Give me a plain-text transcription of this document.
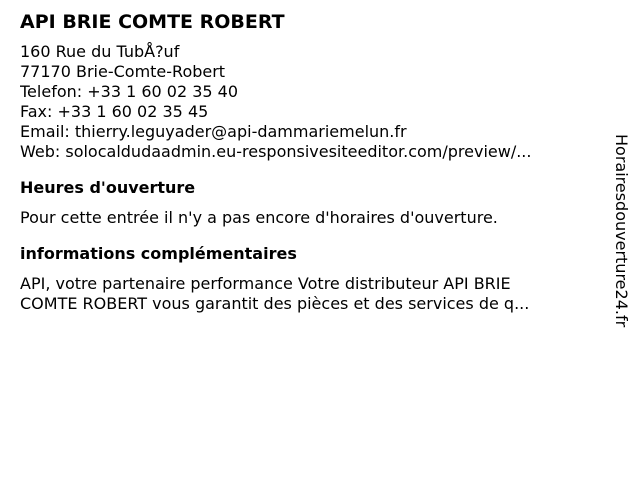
API BRIE COMTE ROBERT
160 Rue du TubÅ?uf
77170 Brie-Comte-Robert
Telefon: +33 1 60 02 35 40
Fax: +33 1 60 02 35 45
Email: thierry.leguyader@api-dammariemelun.fr
Web: solocaldudaadmin.eu-responsivesiteeditor.com/preview/...
Heures d'ouverture
Pour cette entrée il n'y a pas encore d'horaires d'ouverture.
informations complémentaires
API, votre partenaire performance Votre distributeur API BRIE
COMTE ROBERT vous garantit des pièces et des services de q...	Horairesdouverture24.fr
